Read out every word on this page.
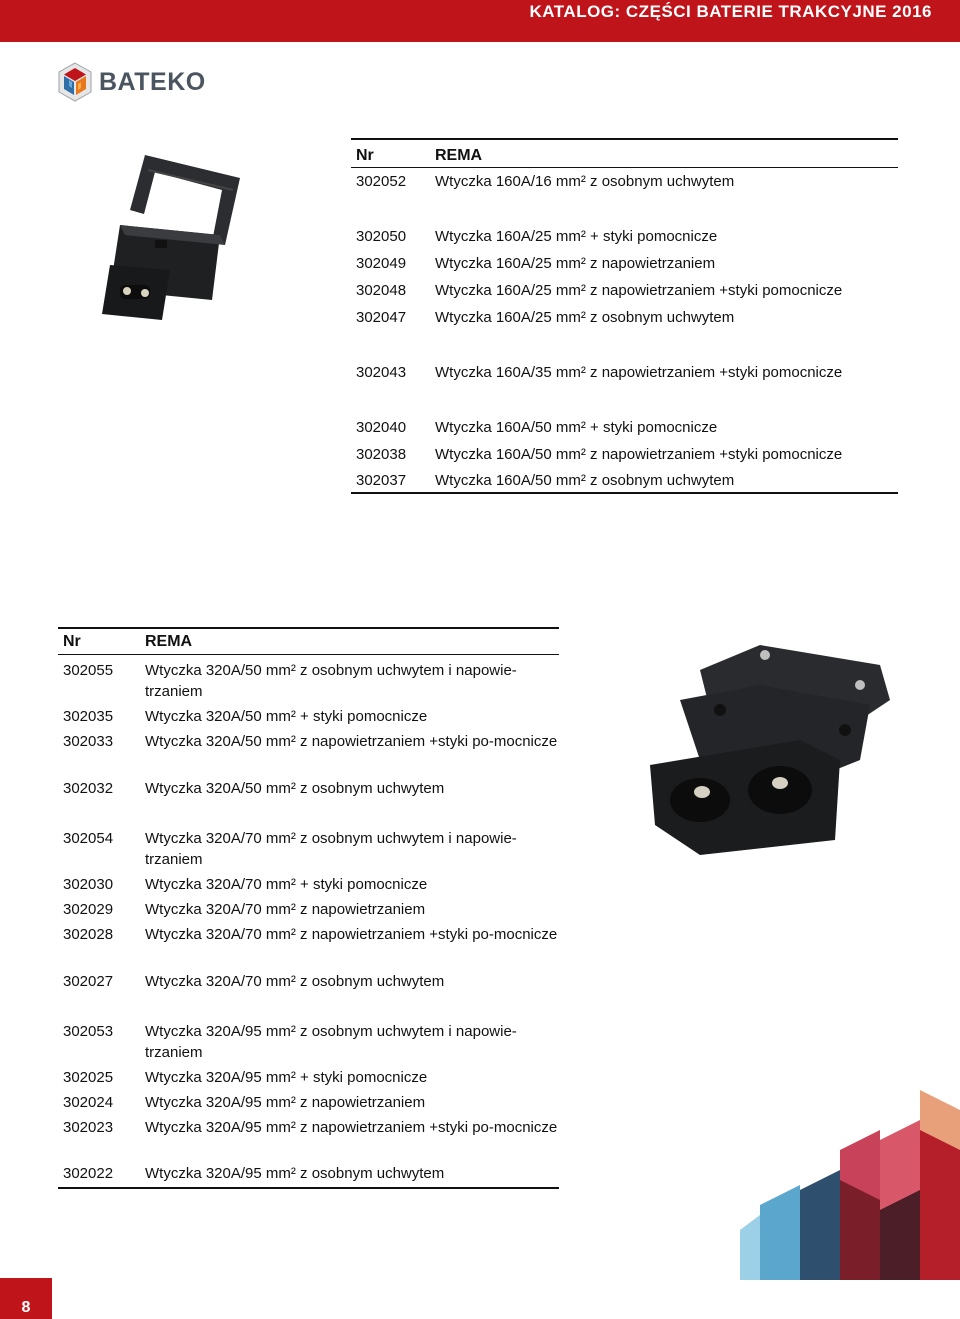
KATALOG: CZĘŚCI BATERIE TRAKCYJNE 2016
BATEKO
Nr	REMA
302052	Wtyczka 160A/16 mm² z osobnym uchwytem
302050	Wtyczka 160A/25 mm² + styki pomocnicze
302049	Wtyczka 160A/25 mm² z napowietrzaniem
302048	Wtyczka 160A/25 mm² z napowietrzaniem +styki pomocnicze
302047	Wtyczka 160A/25 mm² z osobnym uchwytem
302043	Wtyczka 160A/35 mm² z napowietrzaniem +styki pomocnicze
302040	Wtyczka 160A/50 mm² + styki pomocnicze
302038	Wtyczka 160A/50 mm² z napowietrzaniem +styki pomocnicze
302037	Wtyczka 160A/50 mm² z osobnym uchwytem
Nr	REMA
302055	Wtyczka 320A/50 mm² z osobnym uchwytem i napowie-trzaniem
302035	Wtyczka 320A/50 mm² + styki pomocnicze
302033	Wtyczka 320A/50 mm² z napowietrzaniem +styki po-mocnicze
302032	Wtyczka 320A/50 mm² z osobnym uchwytem
302054	Wtyczka 320A/70 mm² z osobnym uchwytem i napowie-trzaniem
302030	Wtyczka 320A/70 mm² + styki pomocnicze
302029	Wtyczka 320A/70 mm² z napowietrzaniem
302028	Wtyczka 320A/70 mm² z napowietrzaniem +styki po-mocnicze
302027	Wtyczka 320A/70 mm² z osobnym uchwytem
302053	Wtyczka 320A/95 mm² z osobnym uchwytem i napowie-trzaniem
302025	Wtyczka 320A/95 mm² + styki pomocnicze
302024	Wtyczka 320A/95 mm² z napowietrzaniem
302023	Wtyczka 320A/95 mm² z napowietrzaniem +styki po-mocnicze
302022	Wtyczka 320A/95 mm² z osobnym uchwytem
8
